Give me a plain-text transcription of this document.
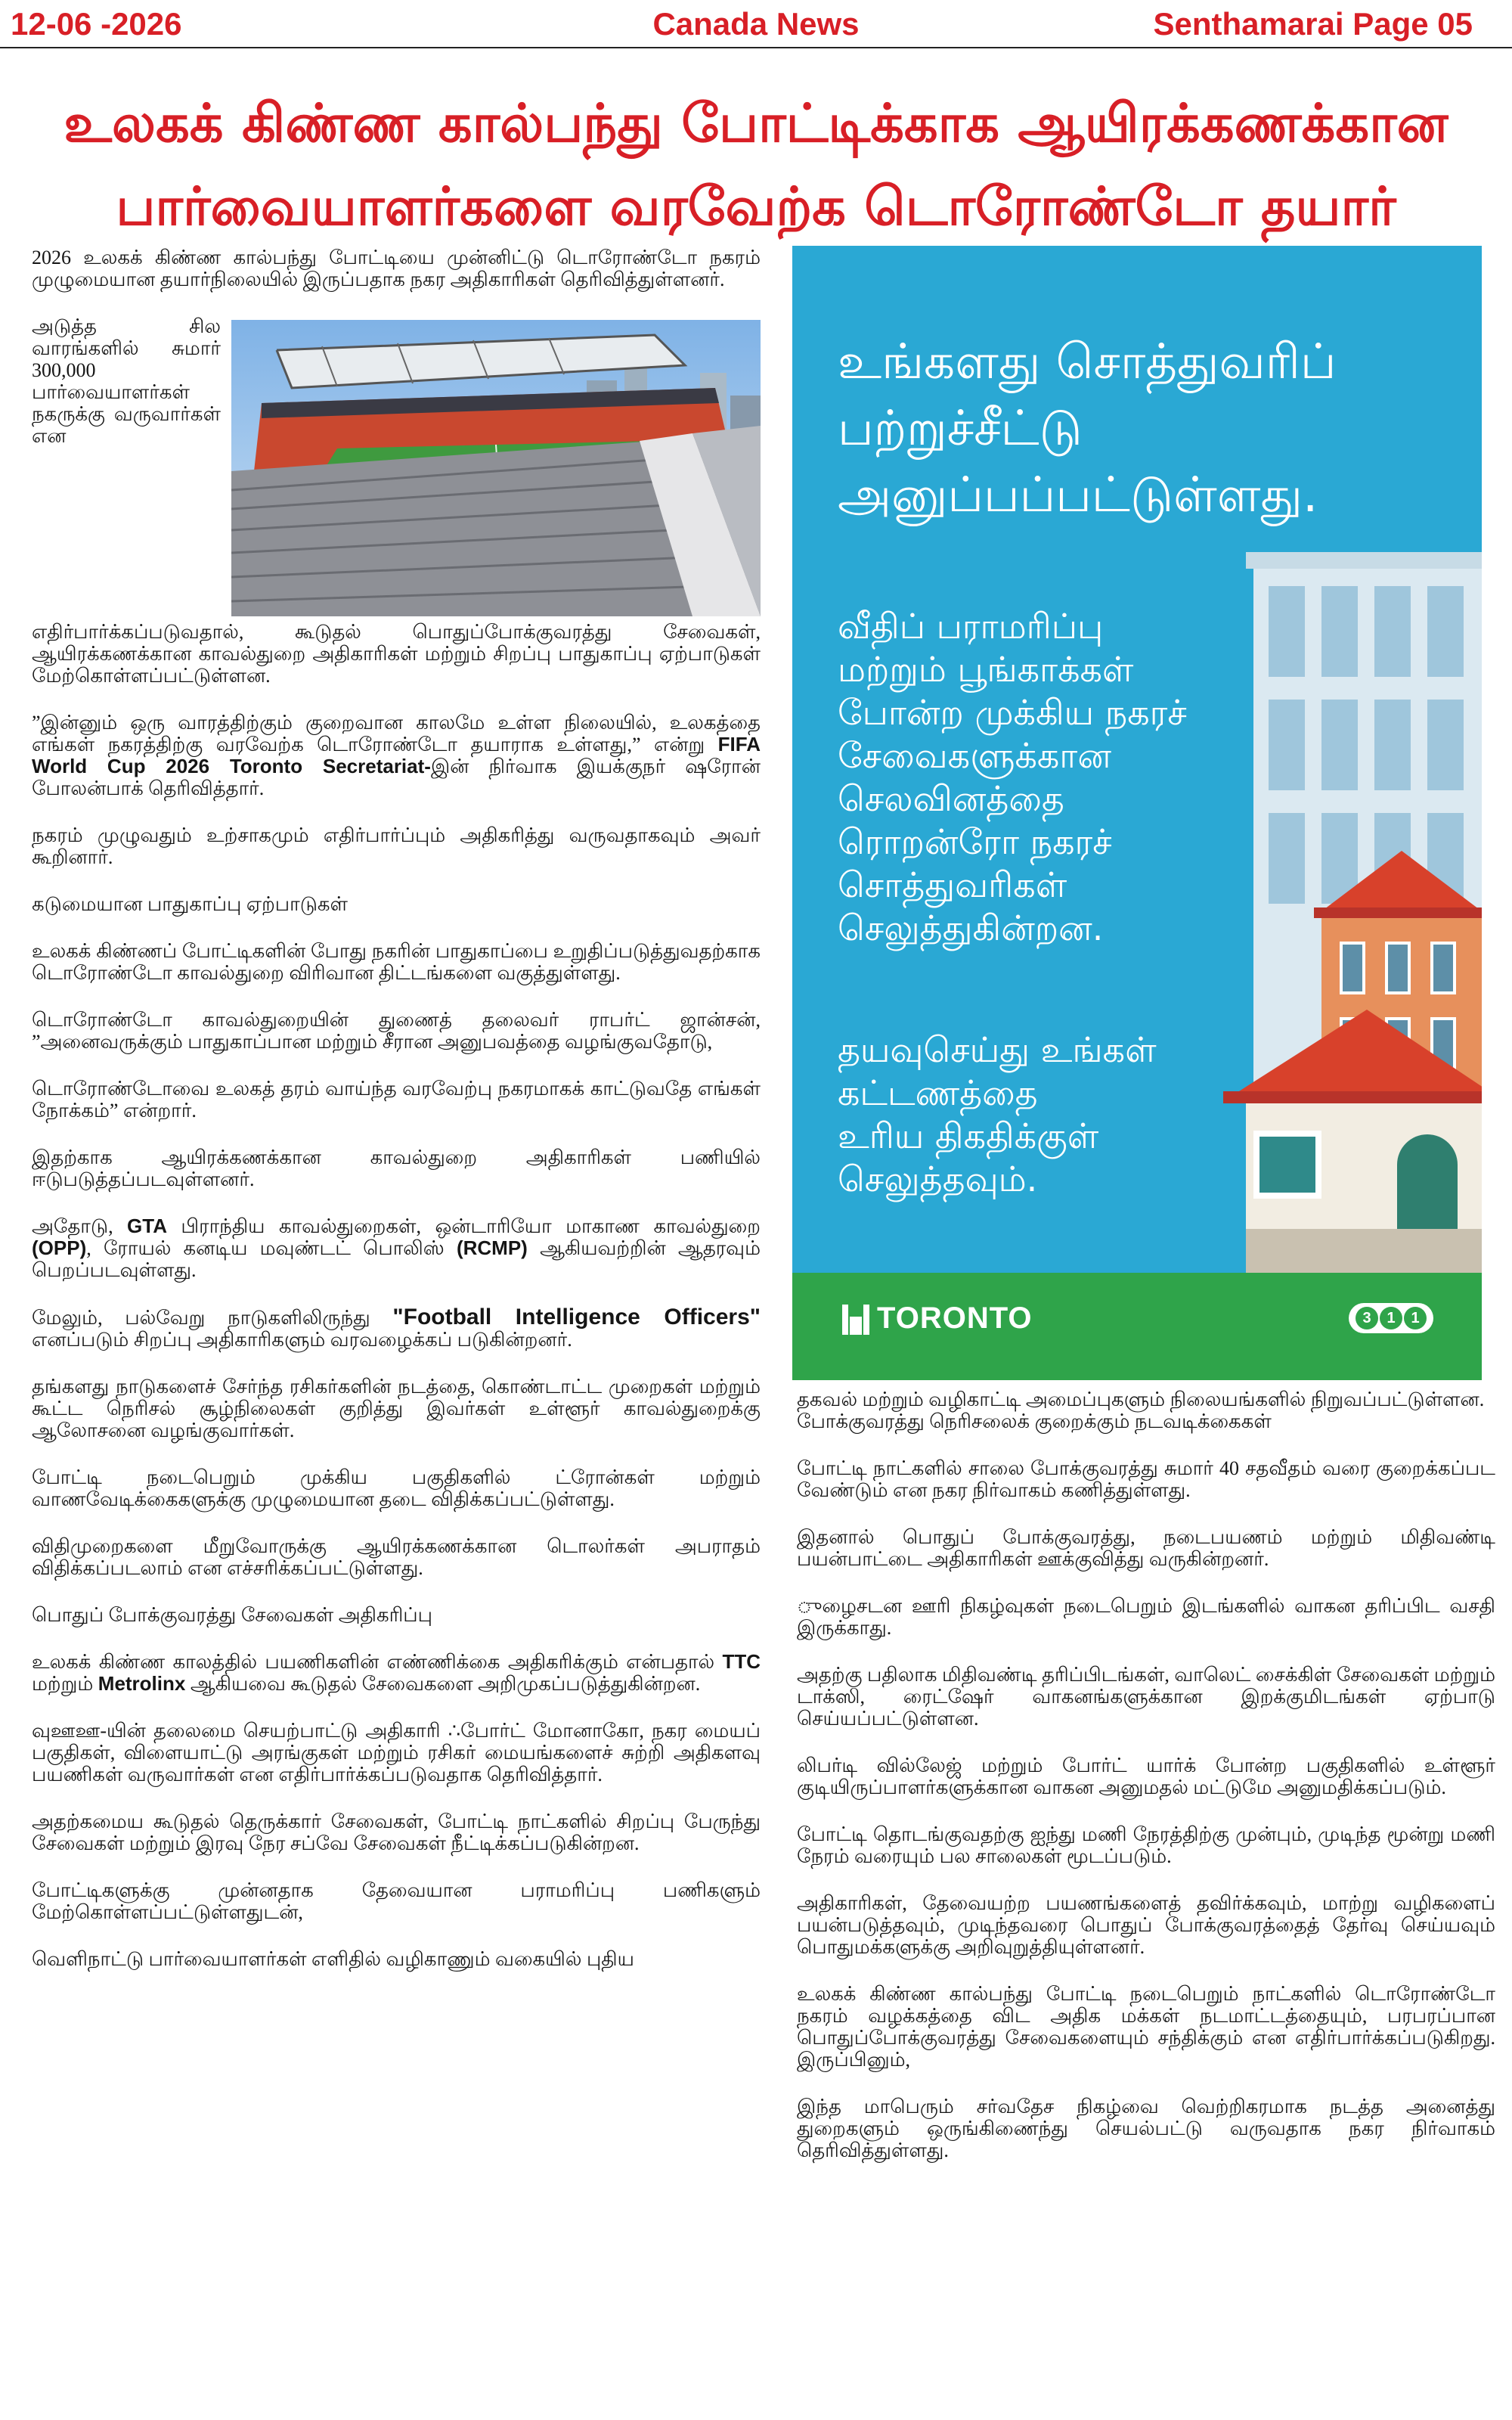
12-06 -2026	Canada News	Senthamarai Page 05
உலகக் கிண்ண கால்பந்து போட்டிக்காக ஆயிரக்கணக்கான
பார்வையாளர்களை வரவேற்க டொரோண்டோ தயார்

2026 உலகக் கிண்ண கால்பந்து போட்டியை முன்னிட்டு டொரோண்டோ நகரம் முழுமையான தயார்நிலையில் இருப்பதாக நகர அதிகாரிகள் தெரிவித்துள்ளனர்.

அடுத்த சில வாரங்களில் சுமார் 300,000 பார்வையாளர்கள் நகருக்கு வருவார்கள் என எதிர்பார்க்கப்படுவதால், கூடுதல் பொதுப்போக்குவரத்து சேவைகள், ஆயிரக்கணக்கான காவல்துறை அதிகாரிகள் மற்றும் சிறப்பு பாதுகாப்பு ஏற்பாடுகள் மேற்கொள்ளப்பட்டுள்ளன.

”இன்னும் ஒரு வாரத்திற்கும் குறைவான காலமே உள்ள நிலையில், உலகத்தை எங்கள் நகரத்திற்கு வரவேற்க டொரோண்டோ தயாராக உள்ளது,” என்று FIFA World Cup 2026 Toronto Secretariat-இன் நிர்வாக இயக்குநர் ஷரோன் போலன்பாக் தெரிவித்தார்.

நகரம் முழுவதும் உற்சாகமும் எதிர்பார்ப்பும் அதிகரித்து வருவதாகவும் அவர் கூறினார்.

கடுமையான பாதுகாப்பு ஏற்பாடுகள்

உலகக் கிண்ணப் போட்டிகளின் போது நகரின் பாதுகாப்பை உறுதிப்படுத்துவதற்காக டொரோண்டோ காவல்துறை விரிவான திட்டங்களை வகுத்துள்ளது.

டொரோண்டோ காவல்துறையின் துணைத் தலைவர் ராபர்ட் ஜான்சன், ”அனைவருக்கும் பாதுகாப்பான மற்றும் சீரான அனுபவத்தை வழங்குவதோடு,

டொரோண்டோவை உலகத் தரம் வாய்ந்த வரவேற்பு நகரமாகக் காட்டுவதே எங்கள் நோக்கம்” என்றார்.

இதற்காக ஆயிரக்கணக்கான காவல்துறை அதிகாரிகள் பணியில் ஈடுபடுத்தப்படவுள்ளனர்.

அதோடு, GTA பிராந்திய காவல்துறைகள், ஒன்டாரியோ மாகாண காவல்துறை (OPP), ரோயல் கனடிய மவுண்டட் பொலிஸ் (RCMP) ஆகியவற்றின் ஆதரவும் பெறப்படவுள்ளது.

மேலும், பல்வேறு நாடுகளிலிருந்து "Football Intelligence Officers" எனப்படும் சிறப்பு அதிகாரிகளும் வரவழைக்கப் படுகின்றனர்.

தங்களது நாடுகளைச் சேர்ந்த ரசிகர்களின் நடத்தை, கொண்டாட்ட முறைகள் மற்றும் கூட்ட நெரிசல் சூழ்நிலைகள் குறித்து இவர்கள் உள்ளூர் காவல்துறைக்கு ஆலோசனை வழங்குவார்கள்.

போட்டி நடைபெறும் முக்கிய பகுதிகளில் ட்ரோன்கள் மற்றும் வாணவேடிக்கைகளுக்கு முழுமையான தடை விதிக்கப்பட்டுள்ளது.

விதிமுறைகளை மீறுவோருக்கு ஆயிரக்கணக்கான டொலர்கள் அபராதம் விதிக்கப்படலாம் என எச்சரிக்கப்பட்டுள்ளது.

பொதுப் போக்குவரத்து சேவைகள் அதிகரிப்பு

உலகக் கிண்ண காலத்தில் பயணிகளின் எண்ணிக்கை அதிகரிக்கும் என்பதால் TTC மற்றும் Metrolinx ஆகியவை கூடுதல் சேவைகளை அறிமுகப்படுத்துகின்றன.

வுஊஊ-யின் தலைமை செயற்பாட்டு அதிகாரி ∴போர்ட் மோனாகோ, நகர மையப் பகுதிகள், விளையாட்டு அரங்குகள் மற்றும் ரசிகர் மையங்களைச் சுற்றி அதிகளவு பயணிகள் வருவார்கள் என எதிர்பார்க்கப்படுவதாக தெரிவித்தார்.

அதற்கமைய கூடுதல் தெருக்கார் சேவைகள், போட்டி நாட்களில் சிறப்பு பேருந்து சேவைகள் மற்றும் இரவு நேர சப்வே சேவைகள் நீட்டிக்கப்படுகின்றன.

போட்டிகளுக்கு முன்னதாக தேவையான பராமரிப்பு பணிகளும் மேற்கொள்ளப்பட்டுள்ளதுடன்,

வெளிநாட்டு பார்வையாளர்கள் எளிதில் வழிகாணும் வகையில் புதிய

உங்களது சொத்துவரிப்
பற்றுச்சீட்டு
அனுப்பப்பட்டுள்ளது.
வீதிப் பராமரிப்பு
மற்றும் பூங்காக்கள்
போன்ற முக்கிய நகரச்
சேவைகளுக்கான
செலவினத்தை
ரொறன்ரோ நகரச்
சொத்துவரிகள்
செலுத்துகின்றன.
தயவுசெய்து உங்கள்
கட்டணத்தை
உரிய திகதிக்குள்
செலுத்தவும்.
TORONTO	3	1	1

தகவல் மற்றும் வழிகாட்டி அமைப்புகளும் நிலையங்களில் நிறுவப்பட்டுள்ளன.

போக்குவரத்து நெரிசலைக் குறைக்கும் நடவடிக்கைகள்

போட்டி நாட்களில் சாலை போக்குவரத்து சுமார் 40 சதவீதம் வரை குறைக்கப்பட வேண்டும் என நகர நிர்வாகம் கணித்துள்ளது.

இதனால் பொதுப் போக்குவரத்து, நடைபயணம் மற்றும் மிதிவண்டி பயன்பாட்டை அதிகாரிகள் ஊக்குவித்து வருகின்றனர்.

ுழைசடன ஊரி நிகழ்வுகள் நடைபெறும் இடங்களில் வாகன தரிப்பிட வசதி இருக்காது.

அதற்கு பதிலாக மிதிவண்டி தரிப்பிடங்கள், வாலெட் சைக்கிள் சேவைகள் மற்றும் டாக்ஸி, ரைட்ஷேர் வாகனங்களுக்கான இறக்குமிடங்கள் ஏற்பாடு செய்யப்பட்டுள்ளன.

லிபர்டி வில்லேஜ் மற்றும் போர்ட் யார்க் போன்ற பகுதிகளில் உள்ளூர் குடியிருப்பாளர்களுக்கான வாகன அனுமதல் மட்டுமே அனுமதிக்கப்படும்.

போட்டி தொடங்குவதற்கு ஐந்து மணி நேரத்திற்கு முன்பும், முடிந்த மூன்று மணி நேரம் வரையும் பல சாலைகள் மூடப்படும்.

அதிகாரிகள், தேவையற்ற பயணங்களைத் தவிர்க்கவும், மாற்று வழிகளைப் பயன்படுத்தவும், முடிந்தவரை பொதுப் போக்குவரத்தைத் தேர்வு செய்யவும் பொதுமக்களுக்கு அறிவுறுத்தியுள்ளனர்.

உலகக் கிண்ண கால்பந்து போட்டி நடைபெறும் நாட்களில் டொரோண்டோ நகரம் வழக்கத்தை விட அதிக மக்கள் நடமாட்டத்தையும், பரபரப்பான பொதுப்போக்குவரத்து சேவைகளையும் சந்திக்கும் என எதிர்பார்க்கப்படுகிறது. இருப்பினும்,

இந்த மாபெரும் சர்வதேச நிகழ்வை வெற்றிகரமாக நடத்த அனைத்து துறைகளும் ஒருங்கிணைந்து செயல்பட்டு வருவதாக நகர நிர்வாகம் தெரிவித்துள்ளது.
